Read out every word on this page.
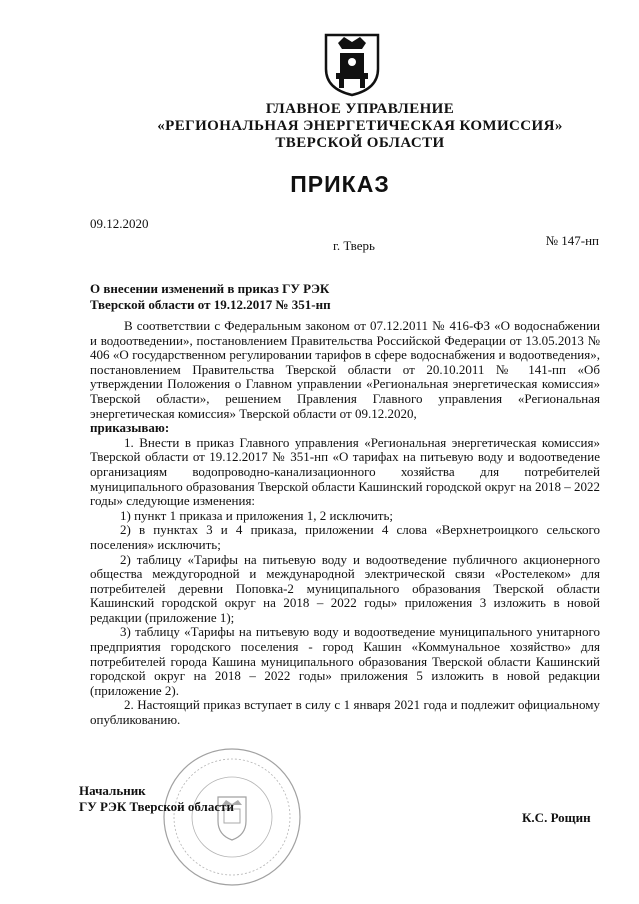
ГЛАВНОЕ УПРАВЛЕНИЕ
«РЕГИОНАЛЬНАЯ ЭНЕРГЕТИЧЕСКАЯ КОМИССИЯ»
ТВЕРСКОЙ ОБЛАСТИ
ПРИКАЗ
09.12.2020
№ 147-нп
г. Тверь
О внесении изменений в приказ ГУ РЭК
Тверской области от 19.12.2017 № 351-нп

В соответствии с Федеральным законом от 07.12.2011 № 416-ФЗ «О водоснабжении и водоотведении», постановлением Правительства Российской Федерации от 13.05.2013 № 406 «О государственном регулировании тарифов в сфере водоснабжения и водоотведения», постановлением Правительства Тверской области от 20.10.2011 № 141-пп «Об утверждении Положения о Главном управлении «Региональная энергетическая комиссия» Тверской области», решением Правления Главного управления «Региональная энергетическая комиссия» Тверской области от 09.12.2020,

приказываю:

1. Внести в приказ Главного управления «Региональная энергетическая комиссия» Тверской области от 19.12.2017 № 351-нп «О тарифах на питьевую воду и водоотведение организациям водопроводно-канализационного хозяйства для потребителей муниципального образования Тверской области Кашинский городской округ на 2018 – 2022 годы» следующие изменения:

1) пункт 1 приказа и приложения 1, 2 исключить;

2) в пунктах 3 и 4 приказа, приложении 4 слова «Верхнетроицкого сельского поселения» исключить;

2) таблицу «Тарифы на питьевую воду и водоотведение публичного акционерного общества междугородной и международной электрической связи «Ростелеком» для потребителей деревни Поповка-2 муниципального образования Тверской области Кашинский городской округ на 2018 – 2022 годы» приложения 3 изложить в новой редакции (приложение 1);

3) таблицу «Тарифы на питьевую воду и водоотведение муниципального унитарного предприятия городского поселения - город Кашин «Коммунальное хозяйство» для потребителей города Кашина муниципального образования Тверской области Кашинский городской округ на 2018 – 2022 годы» приложения 5 изложить в новой редакции (приложение 2).

2. Настоящий приказ вступает в силу с 1 января 2021 года и подлежит официальному опубликованию.

Начальник
ГУ РЭК Тверской области
К.С. Рощин
